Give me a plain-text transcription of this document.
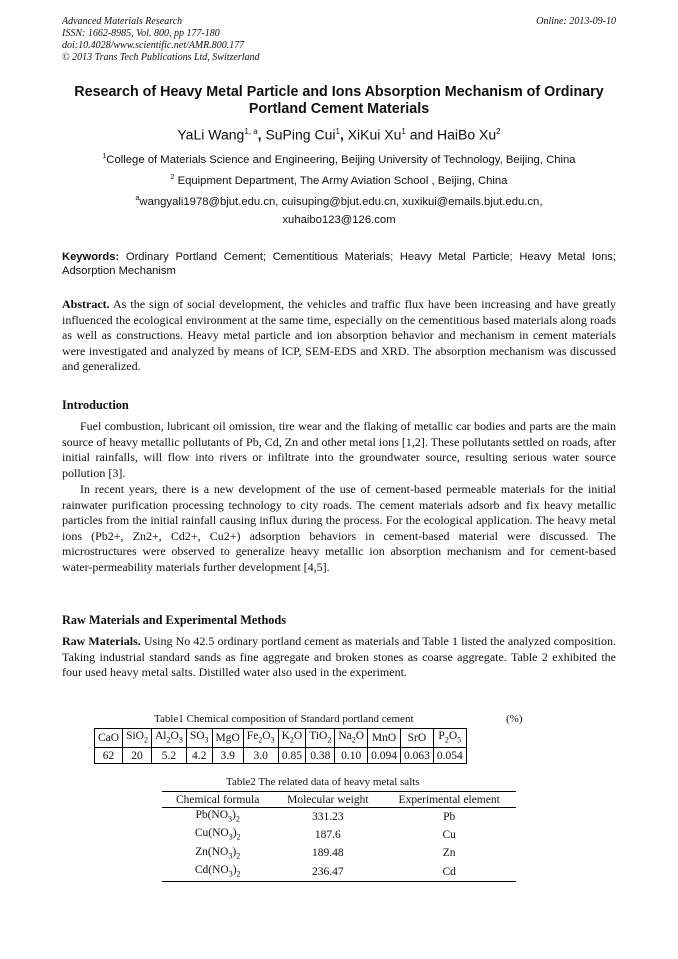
Advanced Materials Research
ISSN: 1662-8985, Vol. 800, pp 177-180
doi:10.4028/www.scientific.net/AMR.800.177
© 2013 Trans Tech Publications Ltd, Switzerland
Online: 2013-09-10
Research of Heavy Metal Particle and Ions Absorption Mechanism of Ordinary Portland Cement Materials
YaLi Wang$^{1, a}$, SuPing Cui$^1$, XiKui Xu$^1$ and HaiBo Xu$^2$
$^1$College of Materials Science and Engineering, Beijing University of Technology, Beijing, China
$^2$ Equipment Department, The Army Aviation School , Beijing, China
$^a$wangyali1978@bjut.edu.cn, cuisuping@bjut.edu.cn, xuxikui@emails.bjut.edu.cn,
xuhaibo123@126.com
Keywords: Ordinary Portland Cement; Cementitious Materials; Heavy Metal Particle; Heavy Metal Ions; Adsorption Mechanism
Abstract. As the sign of social development, the vehicles and traffic flux have been increasing and have greatly influenced the ecological environment at the same time, especially on the cementitious based materials along roads as well as constructions. Heavy metal particle and ion absorption behavior and mechanism in cement materials were investigated and analyzed by means of ICP, SEM-EDS and XRD. The absorption mechanism was discussed and generalized.
Introduction
Fuel combustion, lubricant oil omission, tire wear and the flaking of metallic car bodies and parts are the main source of heavy metallic pollutants of Pb, Cd, Zn and other metal ions [1,2]. These pollutants settled on roads, after initial rainfalls, will flow into rivers or infiltrate into the groundwater source, resulting serious water source pollution [3].
In recent years, there is a new development of the use of cement-based permeable materials for the initial rainwater purification processing technology to city roads. The cement materials adsorb and fix heavy metallic particles from the initial rainfall causing influx during the process. For the ecological application. The heavy metal ions (Pb2+, Zn2+, Cd2+, Cu2+) adsorption behaviors in cement-based material were discussed. The microstructures were observed to generalize heavy metallic ion absorption mechanism and for cement-based water-permeability materials further development [4,5].
Raw Materials and Experimental Methods
Raw Materials. Using No 42.5 ordinary portland cement as materials and Table 1 listed the analyzed composition. Taking industrial standard sands as fine aggregate and broken stones as coarse aggregate. Table 2 exhibited the four used heavy metal salts. Distilled water also used in the experiment.
Table1 Chemical composition of Standard portland cement	(%)
CaO	SiO$_2$	$Al_2O_3$	$SO_3$	MgO	$Fe_2O_3$	$K_2O$	TiO$_2$	$Na_2O$	MnO	SrO	$P_2O_5$
62	20	5.2	4.2	3.9	3.0	0.85	0.38	0.10	0.094	0.063	0.054
Table2 The related data of heavy metal salts
Chemical formula	Molecular weight	Experimental element
$Pb(NO_3)_2$	331.23	Pb
$Cu(NO_3)_2$	187.6	Cu
$Zn(NO_3)_2$	189.48	Zn
$Cd(NO_3)_2$	236.47	Cd
